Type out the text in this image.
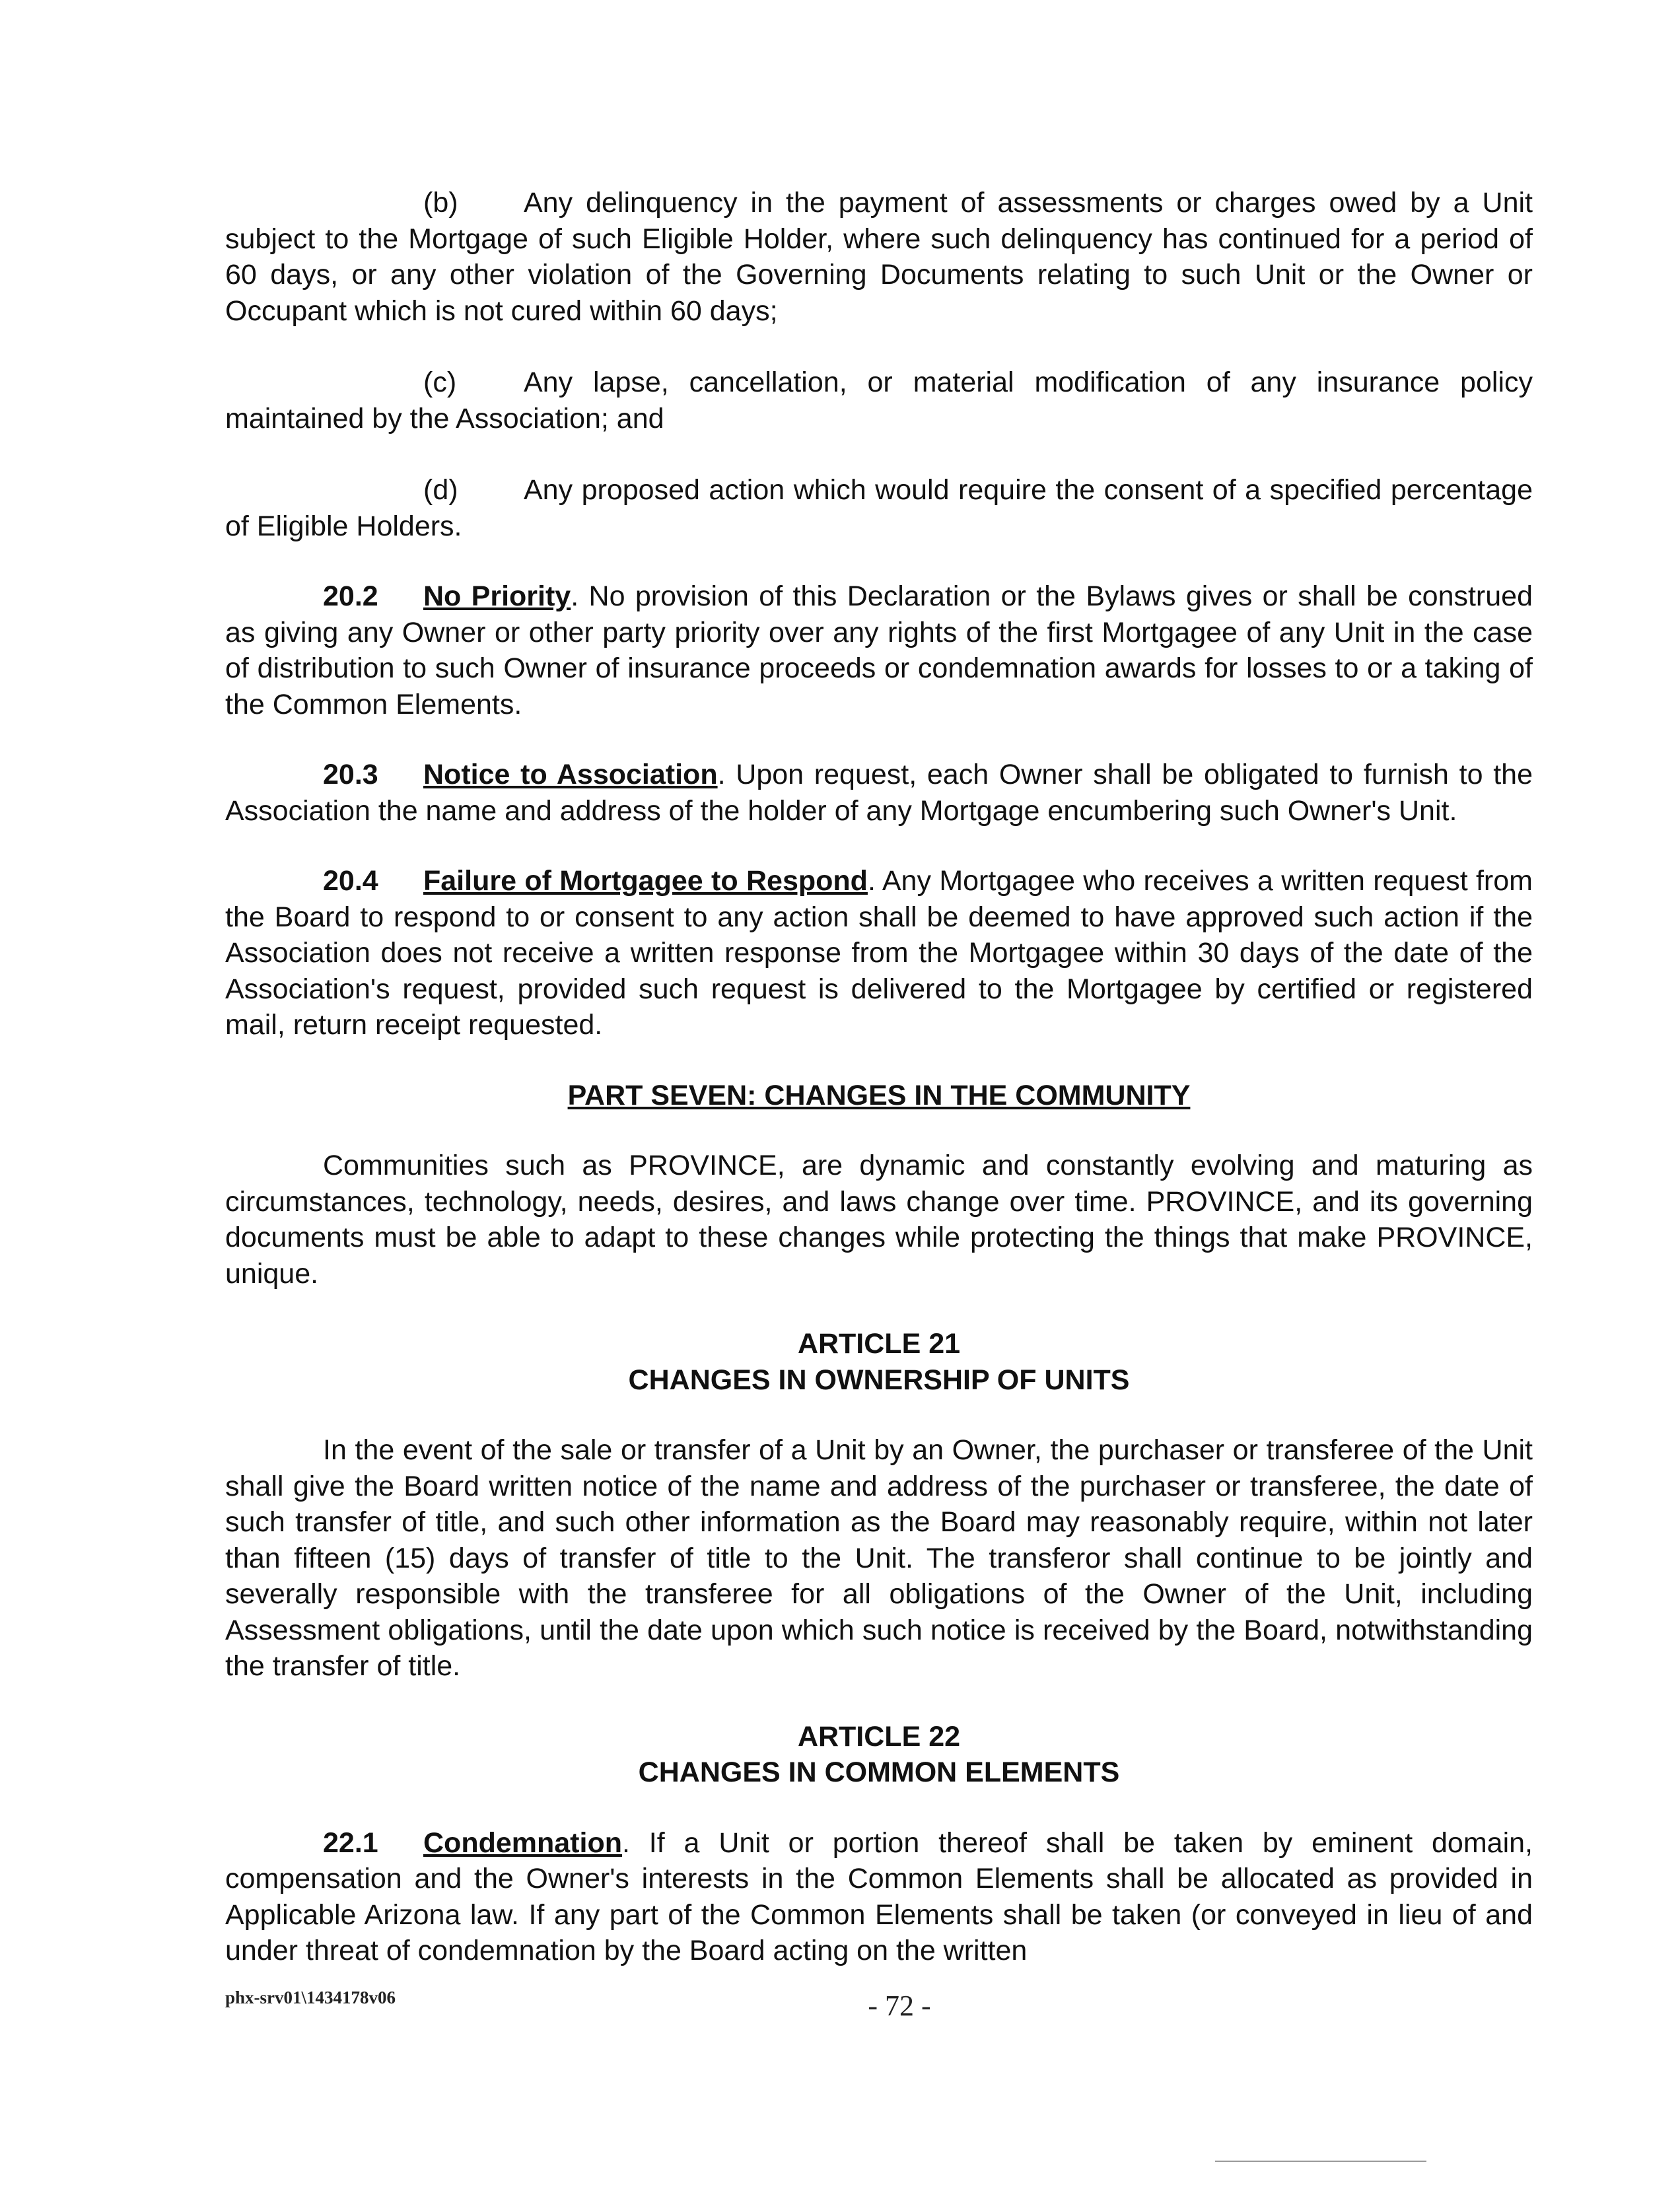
(b) Any delinquency in the payment of assessments or charges owed by a Unit subject to the Mortgage of such Eligible Holder, where such delinquency has continued for a period of 60 days, or any other violation of the Governing Documents relating to such Unit or the Owner or Occupant which is not cured within 60 days;

(c) Any lapse, cancellation, or material modification of any insurance policy maintained by the Association; and

(d) Any proposed action which would require the consent of a specified percentage of Eligible Holders.

20.2 No Priority. No provision of this Declaration or the Bylaws gives or shall be construed as giving any Owner or other party priority over any rights of the first Mortgagee of any Unit in the case of distribution to such Owner of insurance proceeds or condemnation awards for losses to or a taking of the Common Elements.

20.3 Notice to Association. Upon request, each Owner shall be obligated to furnish to the Association the name and address of the holder of any Mortgage encumbering such Owner's Unit.

20.4 Failure of Mortgagee to Respond. Any Mortgagee who receives a written request from the Board to respond to or consent to any action shall be deemed to have approved such action if the Association does not receive a written response from the Mortgagee within 30 days of the date of the Association's request, provided such request is delivered to the Mortgagee by certified or registered mail, return receipt requested.

PART SEVEN: CHANGES IN THE COMMUNITY

Communities such as PROVINCE, are dynamic and constantly evolving and maturing as circumstances, technology, needs, desires, and laws change over time. PROVINCE, and its governing documents must be able to adapt to these changes while protecting the things that make PROVINCE, unique.

ARTICLE 21

CHANGES IN OWNERSHIP OF UNITS

In the event of the sale or transfer of a Unit by an Owner, the purchaser or transferee of the Unit shall give the Board written notice of the name and address of the purchaser or transferee, the date of such transfer of title, and such other information as the Board may reasonably require, within not later than fifteen (15) days of transfer of title to the Unit. The transferor shall continue to be jointly and severally responsible with the transferee for all obligations of the Owner of the Unit, including Assessment obligations, until the date upon which such notice is received by the Board, notwithstanding the transfer of title.

ARTICLE 22

CHANGES IN COMMON ELEMENTS

22.1 Condemnation. If a Unit or portion thereof shall be taken by eminent domain, compensation and the Owner's interests in the Common Elements shall be allocated as provided in Applicable Arizona law. If any part of the Common Elements shall be taken (or conveyed in lieu of and under threat of condemnation by the Board acting on the written

phx-srv01\1434178v06	- 72 -
